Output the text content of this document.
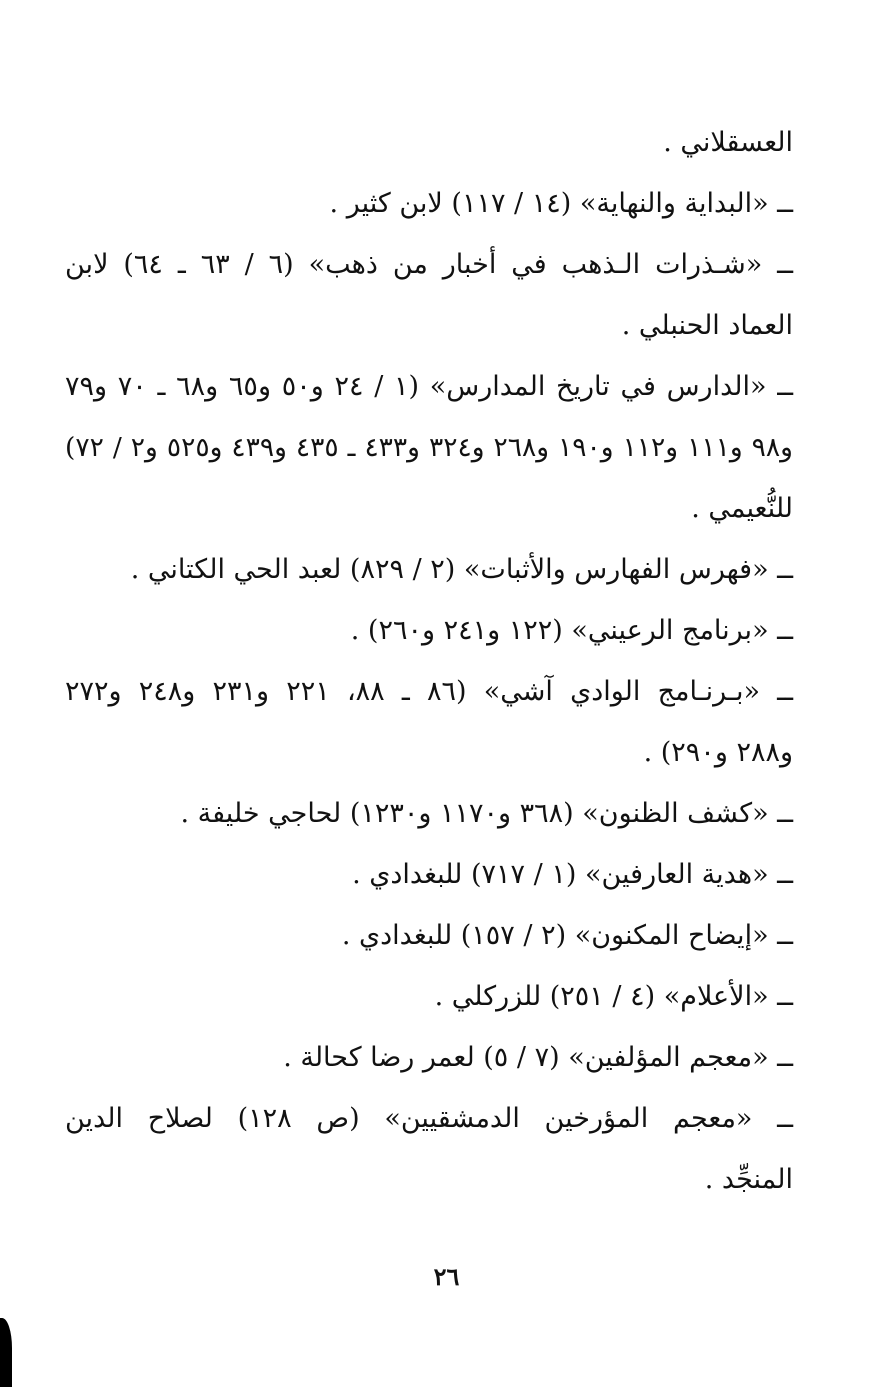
العسقلاني .
ــ «البداية والنهاية» (١٤ / ١١٧) لابن كثير .
ــ «شـذرات الـذهب في أخبار من ذهب» (٦ / ٦٣ ـ ٦٤) لابن
العماد الحنبلي .
ــ «الدارس في تاريخ المدارس» (١ / ٢٤ و٥٠ و٦٥ و٦٨ ـ ٧٠ و٧٩
و٩٨ و١١١ و١١٢ و١٩٠ و٢٦٨ و٣٢٤ و٤٣٣ ـ ٤٣٥ و٤٣٩ و٥٢٥ و٢ / ٧٢)
للنُّعيمي .
ــ «فهرس الفهارس والأثبات» (٢ / ٨٢٩) لعبد الحي الكتاني .
ــ «برنامج الرعيني» (١٢٢ و٢٤١ و٢٦٠) .
ــ «بـرنـامج الوادي آشي» (٨٦ ـ ٨٨، ٢٢١ و٢٣١ و٢٤٨ و٢٧٢
و٢٨٨ و٢٩٠) .
ــ «كشف الظنون» (٣٦٨ و١١٧٠ و١٢٣٠) لحاجي خليفة .
ــ «هدية العارفين» (١ / ٧١٧) للبغدادي .
ــ «إيضاح المكنون» (٢ / ١٥٧) للبغدادي .
ــ «الأعلام» (٤ / ٢٥١) للزركلي .
ــ «معجم المؤلفين» (٧ / ٥) لعمر رضا كحالة .
ــ «معجم المؤرخين الدمشقيين» (ص ١٢٨) لصلاح الدين
المنجِّد .
٢٦
